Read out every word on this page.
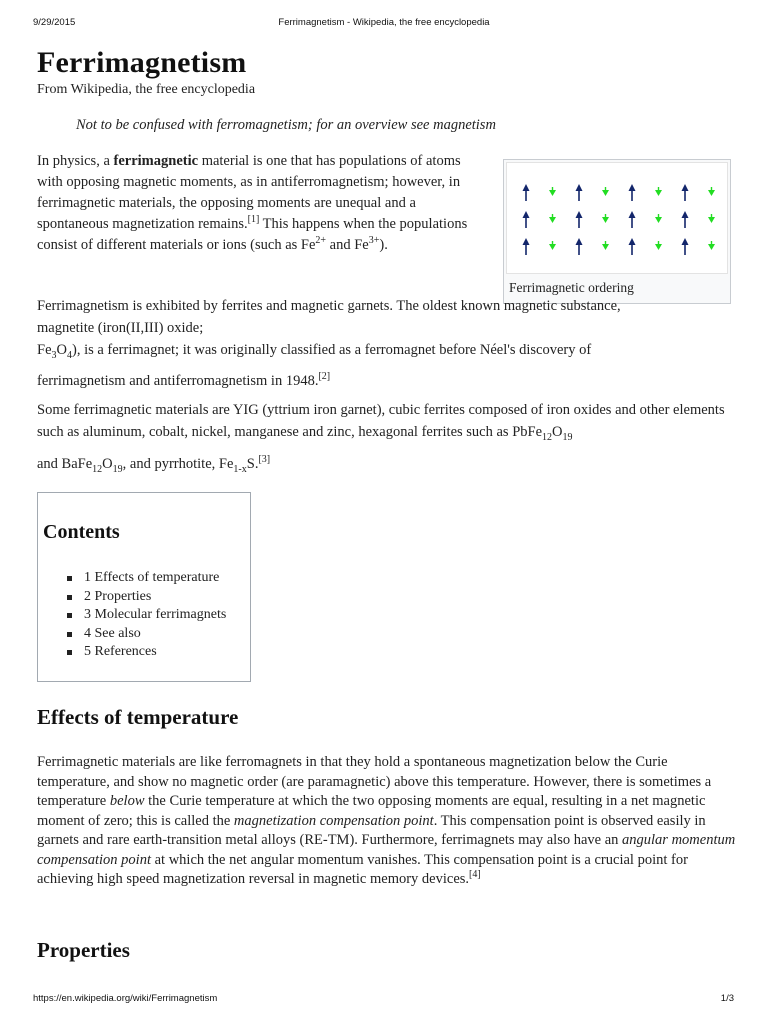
9/29/2015	Ferrimagnetism - Wikipedia, the free encyclopedia
Ferrimagnetism
From Wikipedia, the free encyclopedia
Not to be confused with ferromagnetism; for an overview see magnetism
In physics, a ferrimagnetic material is one that has populations of atoms with opposing magnetic moments, as in antiferromagnetism; however, in ferrimagnetic materials, the opposing moments are unequal and a spontaneous magnetization remains.[1] This happens when the populations consist of different materials or ions (such as $Fe^{2+}$ and $Fe^{3+}$).
Ferrimagnetic ordering
Ferrimagnetism is exhibited by ferrites and magnetic garnets. The oldest known magnetic substance, magnetite (iron(II,III) oxide;
$Fe_3O_4$), is a ferrimagnet; it was originally classified as a ferromagnet before Néel's discovery of
ferrimagnetism and antiferromagnetism in 1948.[2]
Some ferrimagnetic materials are YIG (yttrium iron garnet), cubic ferrites composed of iron oxides and other elements such as aluminum, cobalt, nickel, manganese and zinc, hexagonal ferrites such as $PbFe_{12}O_{19}$
and $BaFe_{12}O_{19}$, and pyrrhotite, $Fe_{1-x}S.[3]$
Contents
1 Effects of temperature
2 Properties
3 Molecular ferrimagnets
4 See also
5 References
Effects of temperature
Ferrimagnetic materials are like ferromagnets in that they hold a spontaneous magnetization below the Curie temperature, and show no magnetic order (are paramagnetic) above this temperature. However, there is sometimes a temperature below the Curie temperature at which the two opposing moments are equal, resulting in a net magnetic moment of zero; this is called the magnetization compensation point. This compensation point is observed easily in garnets and rare earth-transition metal alloys (RE-TM). Furthermore, ferrimagnets may also have an angular momentum compensation point at which the net angular momentum vanishes. This compensation point is a crucial point for achieving high speed magnetization reversal in magnetic memory devices.[4]
Properties
https://en.wikipedia.org/wiki/Ferrimagnetism	1/3
